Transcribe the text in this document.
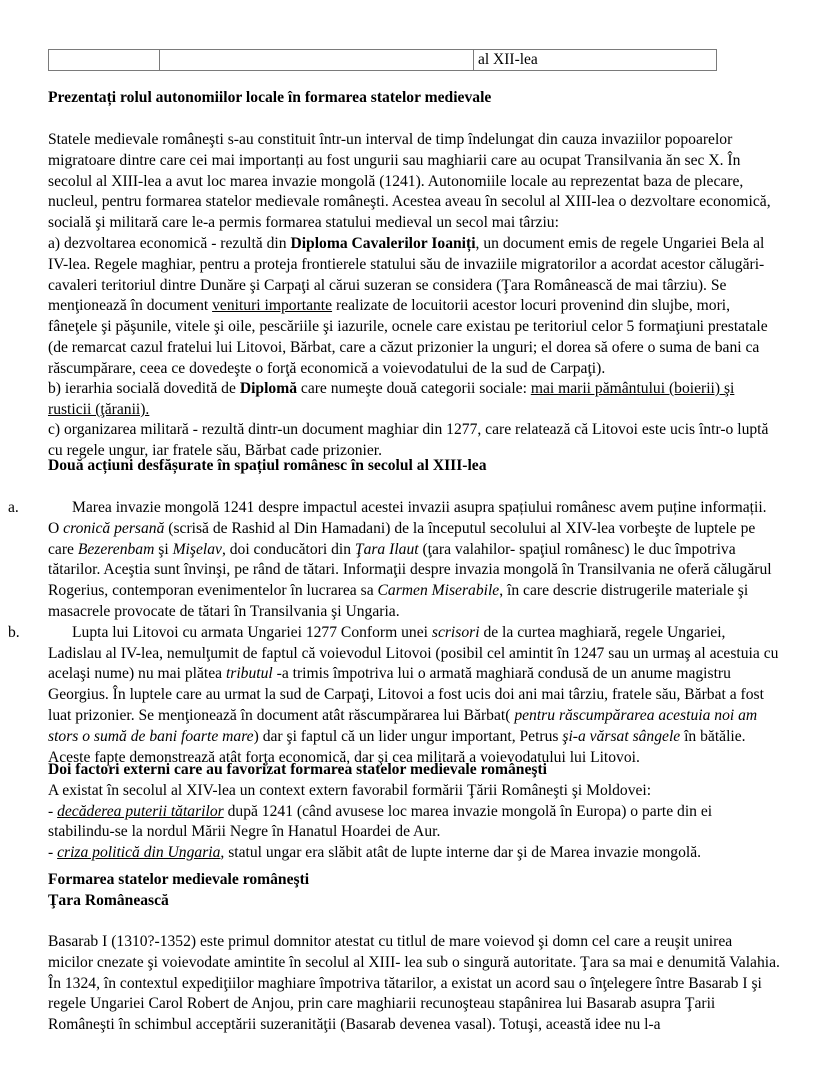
		al XII-lea
Prezentați rolul autonomiilor locale în formarea statelor medievale

Statele medievale româneşti s-au constituit într-un interval de timp îndelungat din cauza invaziilor popoarelor migratoare dintre care cei mai importanți au fost ungurii sau maghiarii care au ocupat Transilvania ăn sec X. În secolul al XIII-lea a avut loc marea invazie mongolă (1241). Autonomiile locale au reprezentat baza de plecare, nucleul, pentru formarea statelor medievale româneşti. Acestea aveau în secolul al XIII-lea o dezvoltare economică, socială şi militară care le-a permis formarea statului medieval un secol mai târziu:

a) dezvoltarea economică - rezultă din Diploma Cavalerilor Ioaniți, un document emis de regele Ungariei Bela al IV-lea. Regele maghiar, pentru a proteja frontierele statului său de invaziile migratorilor a acordat acestor călugări-cavaleri teritoriul dintre Dunăre şi Carpaţi al cărui suzeran se considera (Ţara Românească de mai târziu). Se menţionează în document venituri importante realizate de locuitorii acestor locuri provenind din slujbe, mori, fâneţele şi păşunile, vitele şi oile, pescăriile şi iazurile, ocnele care existau pe teritoriul celor 5 formaţiuni prestatale (de remarcat cazul fratelui lui Litovoi, Bărbat, care a căzut prizonier la unguri; el dorea să ofere o suma de bani ca răscumpărare, ceea ce dovedeşte o forţă economică a voievodatului de la sud de Carpaţi).

b) ierarhia socială dovedită de Diplomă care numeşte două categorii sociale: mai marii pământului (boierii) şi rusticii (ţăranii).

c) organizarea militară - rezultă dintr-un document maghiar din 1277, care relatează că Litovoi este ucis într-o luptă cu regele ungur, iar fratele său, Bărbat cade prizonier.

Două acțiuni desfășurate în spațiul românesc în secolul al XIII-lea
a.	Marea invazie mongolă 1241 despre impactul acestei invazii asupra spațiului românesc avem puține informații. O cronică persană (scrisă de Rashid al Din Hamadani) de la începutul secolului al XIV-lea vorbeşte de luptele pe care Bezerenbam şi Mişelav, doi conducători din Ţara Ilaut (ţara valahilor- spaţiul românesc) le duc împotriva tătarilor. Aceştia sunt învinşi, pe rând de tătari. Informaţii despre invazia mongolă în Transilvania ne oferă călugărul Rogerius, contemporan evenimentelor în lucrarea sa Carmen Miserabile, în care descrie distrugerile materiale şi masacrele provocate de tătari în Transilvania şi Ungaria.
b.	Lupta lui Litovoi cu armata Ungariei 1277 Conform unei scrisori de la curtea maghiară, regele Ungariei, Ladislau al IV-lea, nemulţumit de faptul că voievodul Litovoi (posibil cel amintit în 1247 sau un urmaş al acestuia cu acelaşi nume) nu mai plătea tributul -a trimis împotriva lui o armată maghiară condusă de un anume magistru Georgius. În luptele care au urmat la sud de Carpaţi, Litovoi a fost ucis doi ani mai târziu, fratele său, Bărbat a fost luat prizonier. Se menţionează în document atât răscumpărarea lui Bărbat( pentru răscumpărarea acestuia noi am stors o sumă de bani foarte mare) dar şi faptul că un lider ungur important, Petrus şi-a vărsat sângele în bătălie. Aceste fapte demonstrează atât forţa economică, dar şi cea militară a voievodatului lui Litovoi.
Doi factori externi care au favorizat formarea statelor medievale româneşti

A existat în secolul al XIV-lea un context extern favorabil formării Ţării Româneşti şi Moldovei:

- decăderea puterii tătarilor după 1241 (când avusese loc marea invazie mongolă în Europa) o parte din ei stabilindu-se la nordul Mării Negre în Hanatul Hoardei de Aur.

- criza politică din Ungaria, statul ungar era slăbit atât de lupte interne dar şi de Marea invazie mongolă.

Formarea statelor medievale româneşti
Ţara Românească

Basarab I (1310?-1352) este primul domnitor atestat cu titlul de mare voievod şi domn cel care a reuşit unirea micilor cnezate şi voievodate amintite în secolul al XIII- lea sub o singură autoritate. Ţara sa mai e denumită Valahia. În 1324, în contextul expediţiilor maghiare împotriva tătarilor, a existat un acord sau o înţelegere între Basarab I şi regele Ungariei Carol Robert de Anjou, prin care maghiarii recunoşteau stapânirea lui Basarab asupra Ţarii Româneşti în schimbul acceptării suzeranităţii (Basarab devenea vasal). Totuşi, această idee nu l-a
